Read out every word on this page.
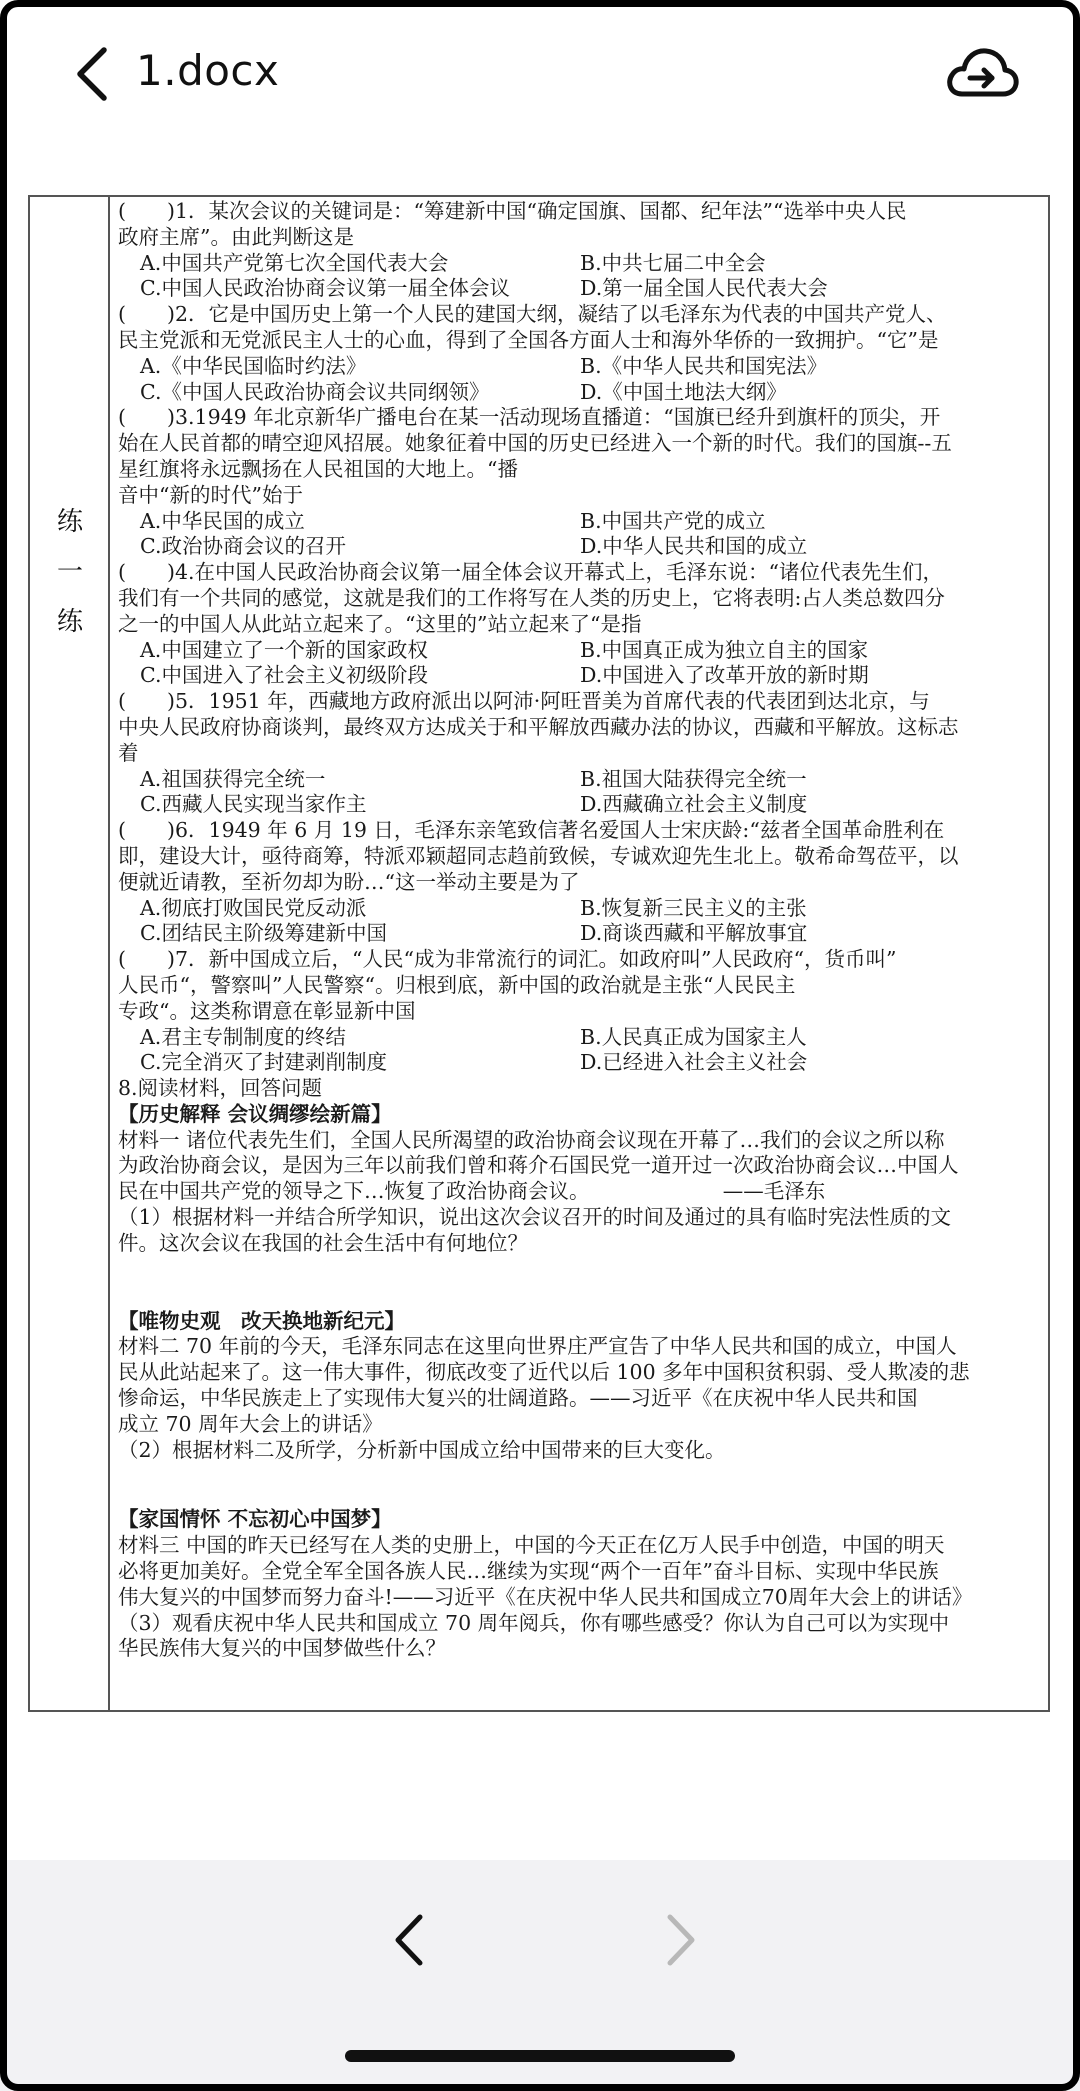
1.docx
练
一
练
(　　)1．某次会议的关键词是：“筹建新中国“确定国旗、国都、纪年法”“选举中央人民
政府主席”。由此判断这是
A.中国共产党第七次全国代表大会	B.中共七届二中全会
C.中国人民政治协商会议第一届全体会议	D.第一届全国人民代表大会
(　　)2．它是中国历史上第一个人民的建国大纲，凝结了以毛泽东为代表的中国共产党人、
民主党派和无党派民主人士的心血，得到了全国各方面人士和海外华侨的一致拥护。“它”是
A.《中华民国临时约法》	B.《中华人民共和国宪法》
C.《中国人民政治协商会议共同纲领》	D.《中国土地法大纲》
(　　)3.1949 年北京新华广播电台在某一活动现场直播道：“国旗已经升到旗杆的顶尖，开
始在人民首都的晴空迎风招展。她象征着中国的历史已经进入一个新的时代。我们的国旗--五
星红旗将永远飘扬在人民祖国的大地上。“播
音中“新的时代”始于
A.中华民国的成立	B.中国共产党的成立
C.政治协商会议的召开	D.中华人民共和国的成立
(　　)4.在中国人民政治协商会议第一届全体会议开幕式上，毛泽东说：“诸位代表先生们，
我们有一个共同的感觉，这就是我们的工作将写在人类的历史上，它将表明:占人类总数四分
之一的中国人从此站立起来了。“这里的”站立起来了“是指
A.中国建立了一个新的国家政权	B.中国真正成为独立自主的国家
C.中国进入了社会主义初级阶段	D.中国进入了改革开放的新时期
(　　)5．1951 年，西藏地方政府派出以阿沛·阿旺晋美为首席代表的代表团到达北京，与
中央人民政府协商谈判，最终双方达成关于和平解放西藏办法的协议，西藏和平解放。这标志
着
A.祖国获得完全统一	B.祖国大陆获得完全统一
C.西藏人民实现当家作主	D.西藏确立社会主义制度
(　　)6．1949 年 6 月 19 日，毛泽东亲笔致信著名爱国人士宋庆龄:“兹者全国革命胜利在
即，建设大计，亟待商筹，特派邓颖超同志趋前致候，专诚欢迎先生北上。敬希命驾莅平，以
便就近请教，至祈勿却为盼…“这一举动主要是为了
A.彻底打败国民党反动派	B.恢复新三民主义的主张
C.团结民主阶级筹建新中国	D.商谈西藏和平解放事宜
(　　)7．新中国成立后，“人民“成为非常流行的词汇。如政府叫”人民政府“，货币叫”
人民币“，警察叫”人民警察“。归根到底，新中国的政治就是主张“人民民主
专政“。这类称谓意在彰显新中国
A.君主专制制度的终结	B.人民真正成为国家主人
C.完全消灭了封建剥削制度	D.已经进入社会主义社会
8.阅读材料，回答问题
【历史解释 会议绸缪绘新篇】
材料一 诸位代表先生们，全国人民所渴望的政治协商会议现在开幕了…我们的会议之所以称
为政治协商会议，是因为三年以前我们曾和蒋介石国民党一道开过一次政治协商会议…中国人
民在中国共产党的领导之下…恢复了政治协商会议。　　　　　　　——毛泽东
（1）根据材料一并结合所学知识，说出这次会议召开的时间及通过的具有临时宪法性质的文
件。这次会议在我国的社会生活中有何地位？
【唯物史观　改天换地新纪元】
材料二 70 年前的今天，毛泽东同志在这里向世界庄严宣告了中华人民共和国的成立，中国人
民从此站起来了。这一伟大事件，彻底改变了近代以后 100 多年中国积贫积弱、受人欺凌的悲
惨命运，中华民族走上了实现伟大复兴的壮阔道路。——习近平《在庆祝中华人民共和国
成立 70 周年大会上的讲话》
（2）根据材料二及所学，分析新中国成立给中国带来的巨大变化。
【家国情怀 不忘初心中国梦】
材料三 中国的昨天已经写在人类的史册上，中国的今天正在亿万人民手中创造，中国的明天
必将更加美好。全党全军全国各族人民…继续为实现“两个一百年”奋斗目标、实现中华民族
伟大复兴的中国梦而努力奋斗!——习近平《在庆祝中华人民共和国成立70周年大会上的讲话》
（3）观看庆祝中华人民共和国成立 70 周年阅兵，你有哪些感受？你认为自己可以为实现中
华民族伟大复兴的中国梦做些什么？
